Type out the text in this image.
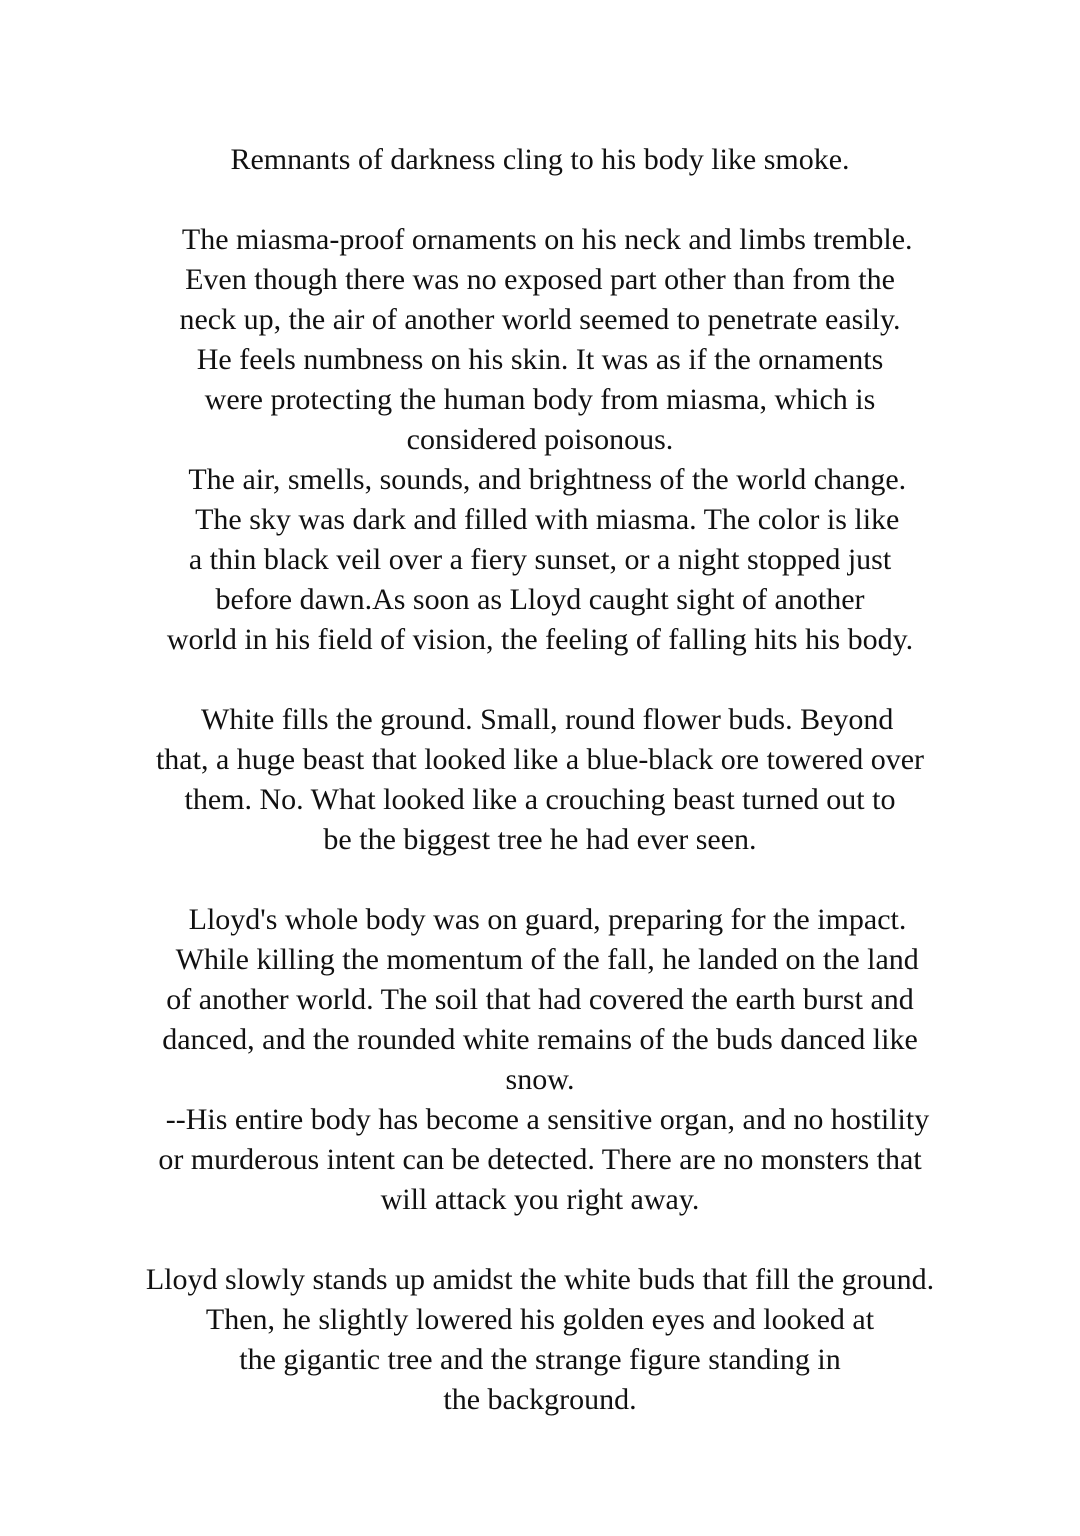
Remnants of darkness cling to his body like smoke.
The miasma-proof ornaments on his neck and limbs tremble.
Even though there was no exposed part other than from the
neck up, the air of another world seemed to penetrate easily.
He feels numbness on his skin. It was as if the ornaments
were protecting the human body from miasma, which is
considered poisonous.
The air, smells, sounds, and brightness of the world change.
The sky was dark and filled with miasma. The color is like
a thin black veil over a fiery sunset, or a night stopped just
before dawn.As soon as Lloyd caught sight of another
world in his field of vision, the feeling of falling hits his body.
White fills the ground. Small, round flower buds. Beyond
that, a huge beast that looked like a blue-black ore towered over
them. No. What looked like a crouching beast turned out to
be the biggest tree he had ever seen.
Lloyd's whole body was on guard, preparing for the impact.
While killing the momentum of the fall, he landed on the land
of another world. The soil that had covered the earth burst and
danced, and the rounded white remains of the buds danced like
snow.
--His entire body has become a sensitive organ, and no hostility
or murderous intent can be detected. There are no monsters that
will attack you right away.
Lloyd slowly stands up amidst the white buds that fill the ground.
Then, he slightly lowered his golden eyes and looked at
the gigantic tree and the strange figure standing in
the background.
